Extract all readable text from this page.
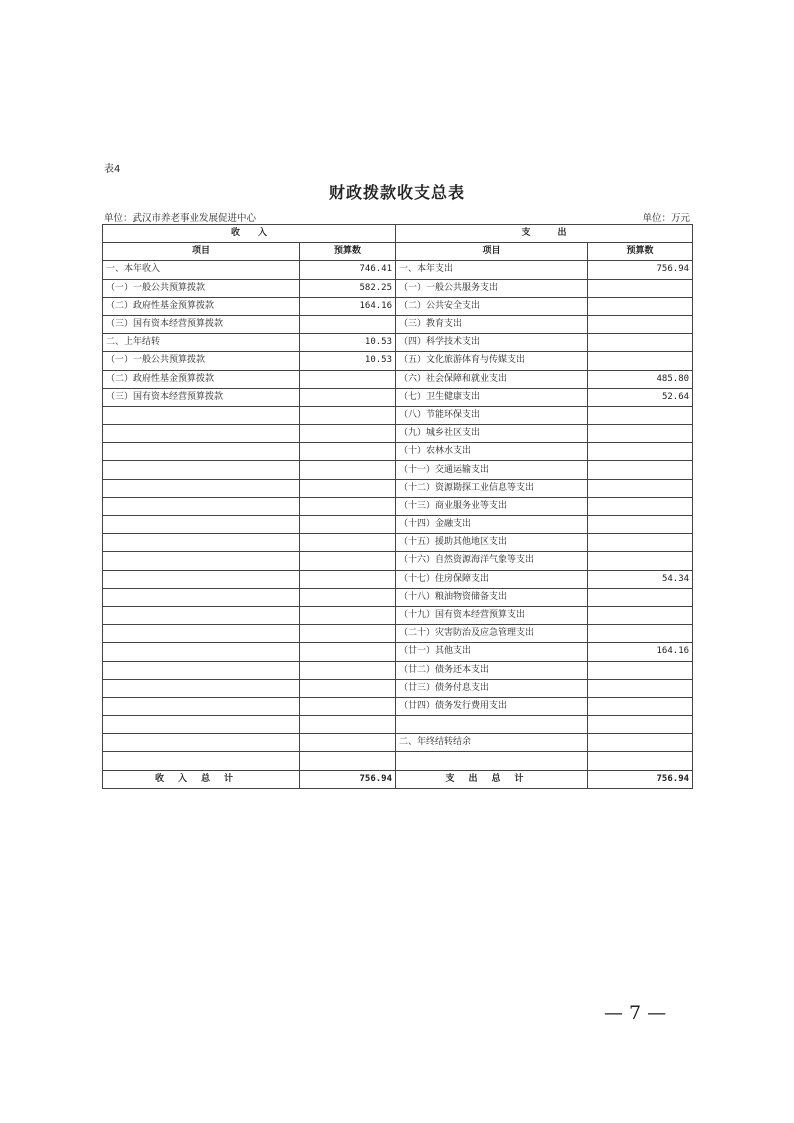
表4
财政拨款收支总表
单位：武汉市养老事业发展促进中心	单位：万元
收　　入		支　　　出	
项目	预算数	项目	预算数
一、本年收入	746.41	一、本年支出	756.94
（一）一般公共预算拨款	582.25	（一）一般公共服务支出	
（二）政府性基金预算拨款	164.16	（二）公共安全支出	
（三）国有资本经营预算拨款		（三）教育支出	
二、上年结转	10.53	（四）科学技术支出	
（一）一般公共预算拨款	10.53	（五）文化旅游体育与传媒支出	
（二）政府性基金预算拨款		（六）社会保障和就业支出	485.80
（三）国有资本经营预算拨款		（七）卫生健康支出	52.64
		（八）节能环保支出	
		（九）城乡社区支出	
		（十）农林水支出	
		（十一）交通运输支出	
		（十二）资源勘探工业信息等支出	
		（十三）商业服务业等支出	
		（十四）金融支出	
		（十五）援助其他地区支出	
		（十六）自然资源海洋气象等支出	
		（十七）住房保障支出	54.34
		（十八）粮油物资储备支出	
		（十九）国有资本经营预算支出	
		（二十）灾害防治及应急管理支出	
		（廿一）其他支出	164.16
		（廿二）债务还本支出	
		（廿三）债务付息支出	
		（廿四）债务发行费用支出	

		二、年终结转结余	

收入总计	756.94	支出总计	756.94
— 7 —
